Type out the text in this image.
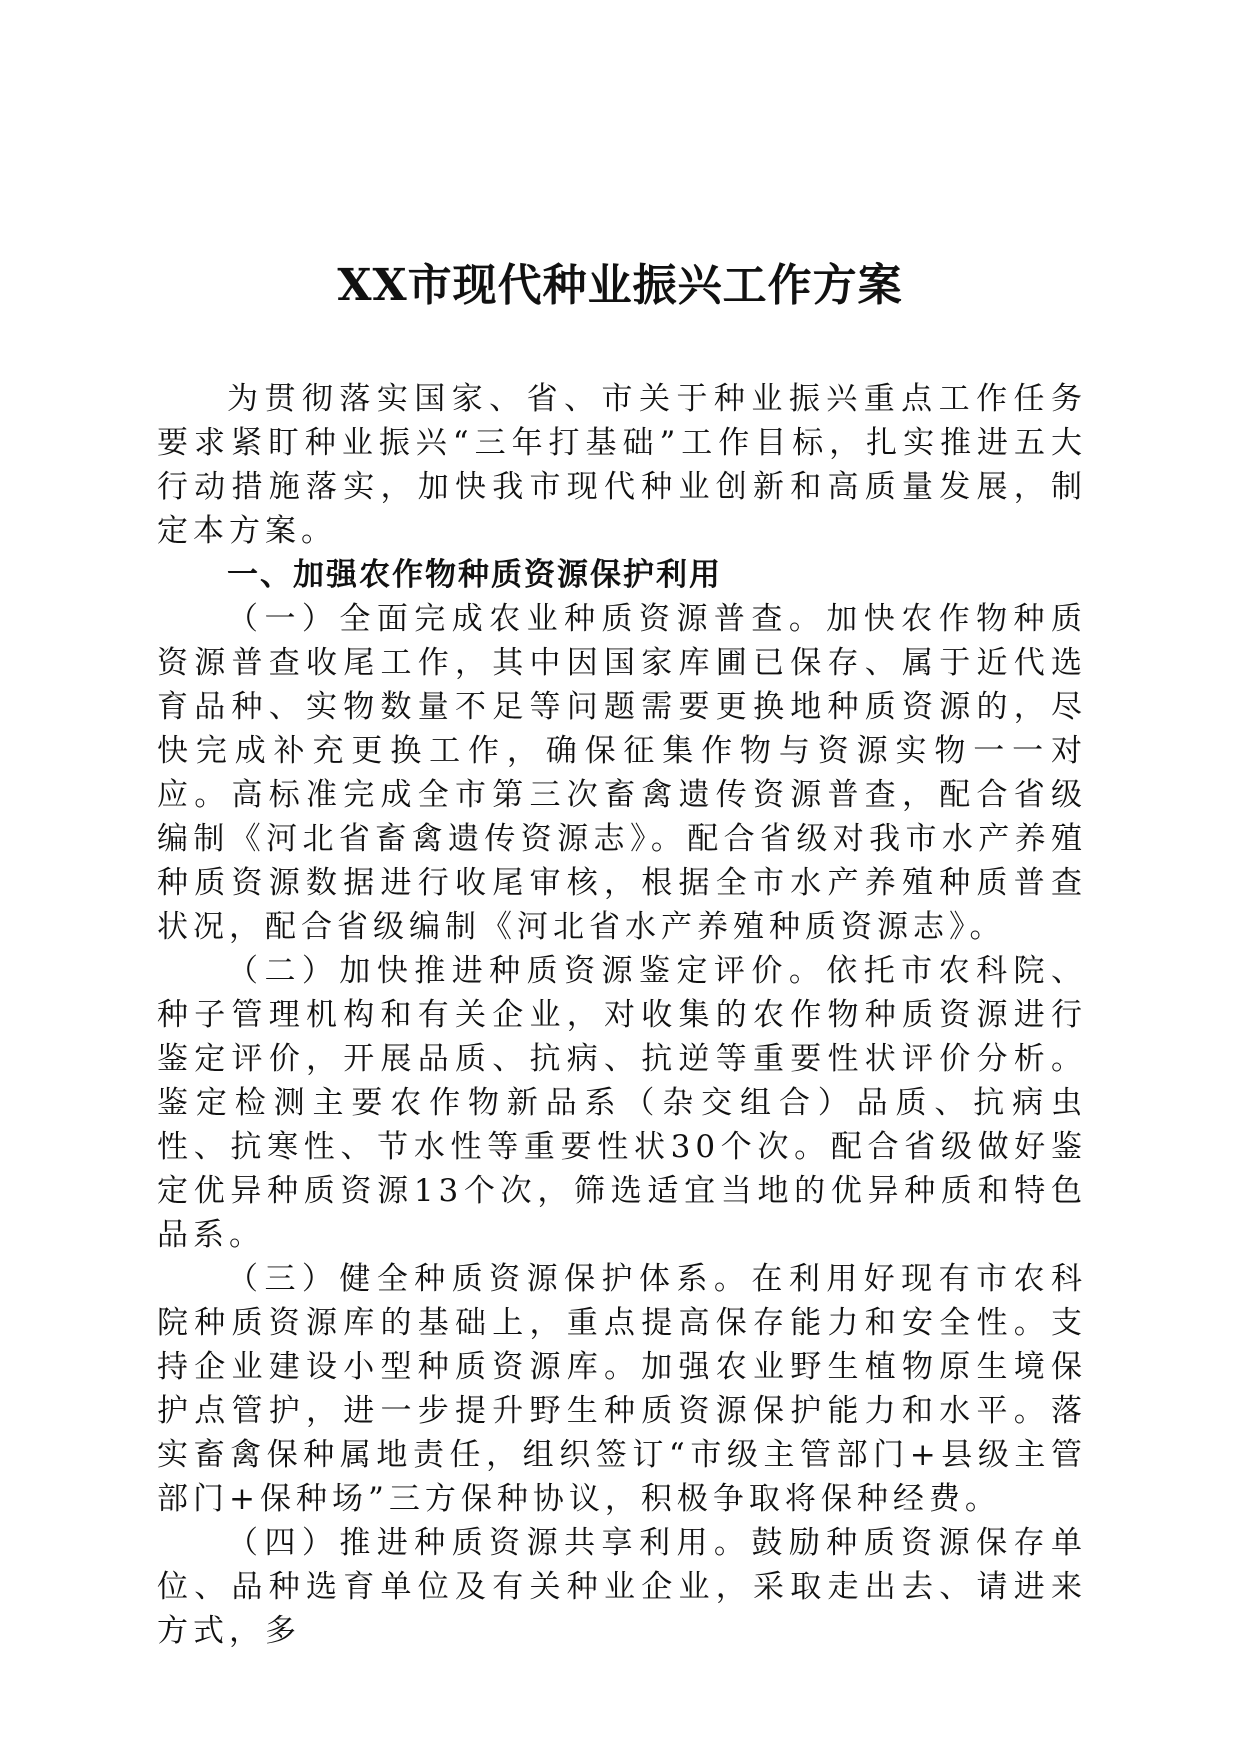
XX市现代种业振兴工作方案

为贯彻落实国家、省、市关于种业振兴重点工作任务要求紧盯种业振兴“三年打基础”工作目标，扎实推进五大行动措施落实，加快我市现代种业创新和高质量发展，制定本方案。

一、加强农作物种质资源保护利用

（一）全面完成农业种质资源普查。加快农作物种质资源普查收尾工作，其中因国家库圃已保存、属于近代选育品种、实物数量不足等问题需要更换地种质资源的，尽快完成补充更换工作，确保征集作物与资源实物一一对应。高标准完成全市第三次畜禽遗传资源普查，配合省级编制《河北省畜禽遗传资源志》。配合省级对我市水产养殖种质资源数据进行收尾审核，根据全市水产养殖种质普查状况，配合省级编制《河北省水产养殖种质资源志》。

（二）加快推进种质资源鉴定评价。依托市农科院、种子管理机构和有关企业，对收集的农作物种质资源进行鉴定评价，开展品质、抗病、抗逆等重要性状评价分析。鉴定检测主要农作物新品系（杂交组合）品质、抗病虫性、抗寒性、节水性等重要性状30个次。配合省级做好鉴定优异种质资源13个次，筛选适宜当地的优异种质和特色品系。

（三）健全种质资源保护体系。在利用好现有市农科院种质资源库的基础上，重点提高保存能力和安全性。支持企业建设小型种质资源库。加强农业野生植物原生境保护点管护，进一步提升野生种质资源保护能力和水平。落实畜禽保种属地责任，组织签订“市级主管部门+县级主管部门+保种场”三方保种协议，积极争取将保种经费。

（四）推进种质资源共享利用。鼓励种质资源保存单位、品种选育单位及有关种业企业，采取走出去、请进来方式，多
